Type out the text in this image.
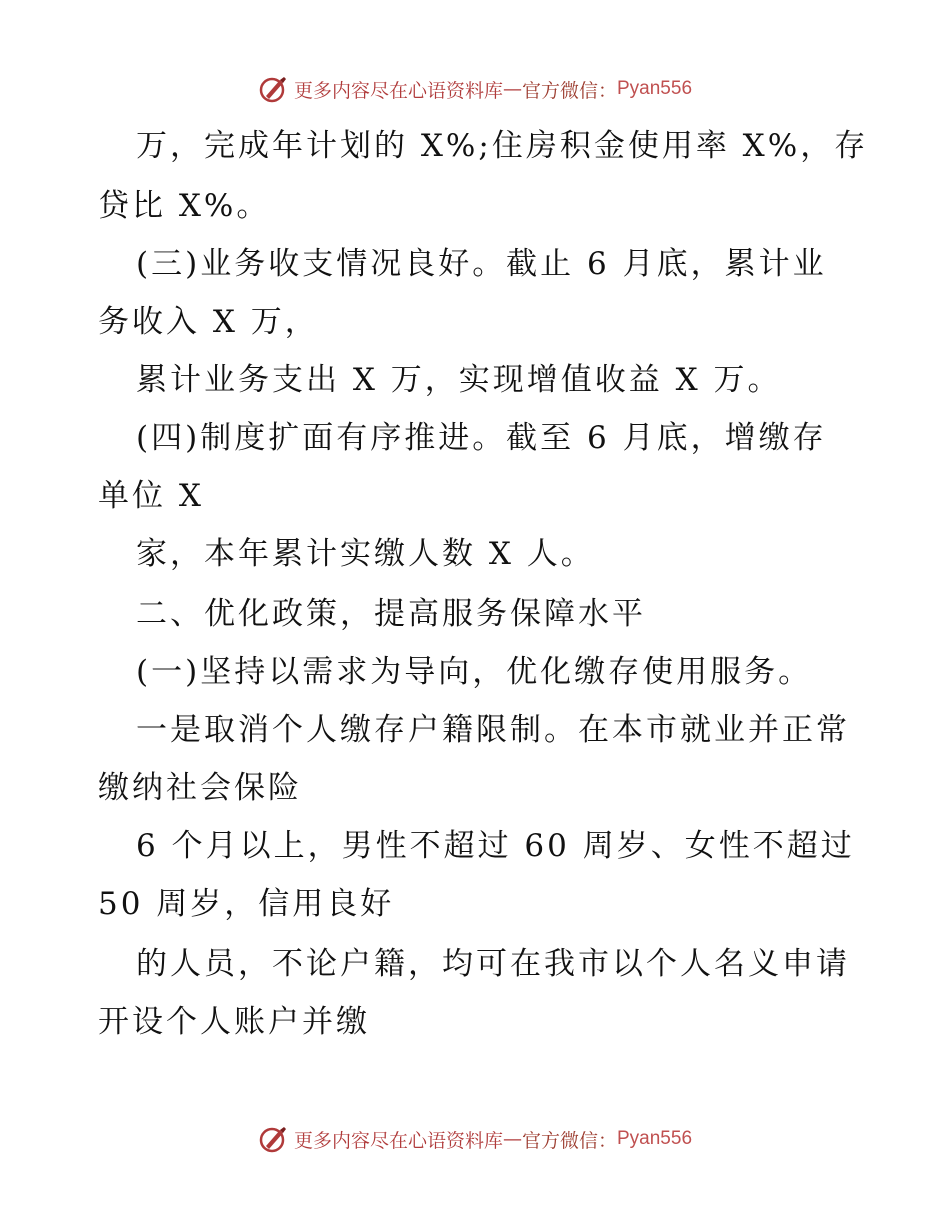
更多内容尽在心语资料库 — 官方微信： Pyan556
万，完成年计划的 X%;住房积金使用率 X%，存
贷比 X%。
(三)业务收支情况良好。截止 6 月底，累计业
务收入 X 万，
累计业务支出 X 万，实现增值收益 X 万。
(四)制度扩面有序推进。截至 6 月底，增缴存
单位 X
家，本年累计实缴人数 X 人。
二、优化政策，提高服务保障水平
(一)坚持以需求为导向，优化缴存使用服务。
一是取消个人缴存户籍限制。在本市就业并正常
缴纳社会保险
6 个月以上，男性不超过 60 周岁、女性不超过
50 周岁，信用良好
的人员，不论户籍，均可在我市以个人名义申请
开设个人账户并缴
更多内容尽在心语资料库 — 官方微信： Pyan556
